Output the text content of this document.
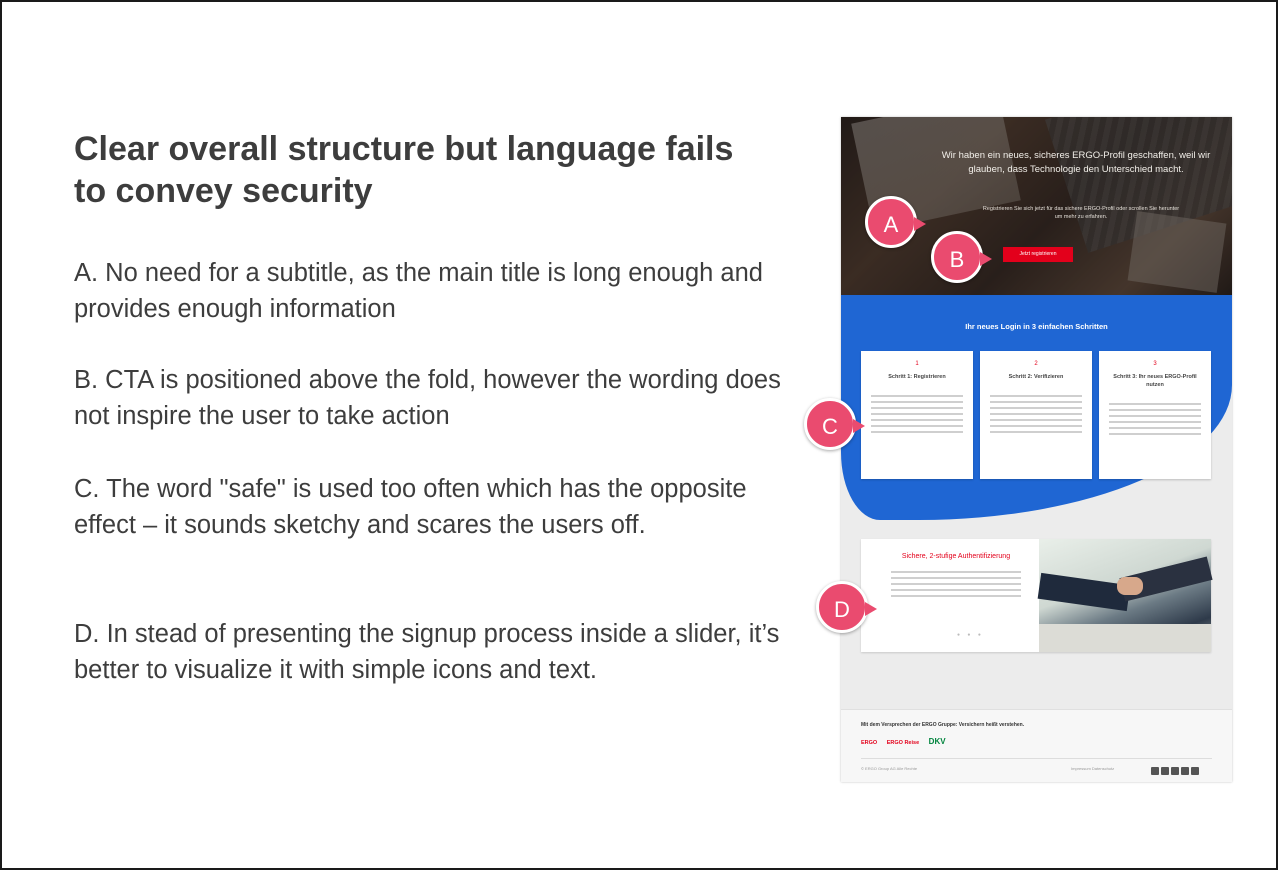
Clear overall structure but language fails to convey security
A. No need for a subtitle, as the main title is long enough and provides enough information
B. CTA is positioned above the fold, however the wording does not inspire the user to take action
C. The word "safe" is used too often which has the opposite effect – it sounds sketchy and scares the users off.
D. In stead of presenting the signup process inside a slider, it’s better to visualize it with simple icons and text.
Wir haben ein neues, sicheres ERGO-Profil geschaffen, weil wir glauben, dass Technologie den Unterschied macht.
Registrieren Sie sich jetzt für das sichere ERGO-Profil oder scrollen Sie herunter um mehr zu erfahren.
Jetzt registrieren
Ihr neues Login in 3 einfachen Schritten
1
Schritt 1: Registrieren
2
Schritt 2: Verifizieren
3
Schritt 3: Ihr neues ERGO-Profil nutzen
Sichere, 2-stufige Authentifizierung
● ● ●
Mit dem Versprechen der ERGO Gruppe: Versichern heißt verstehen.
ERGO ERGO Reise DKV
© ERGO Group AG Alle Rechte	Impressum Datenschutz
A
B
C
D
